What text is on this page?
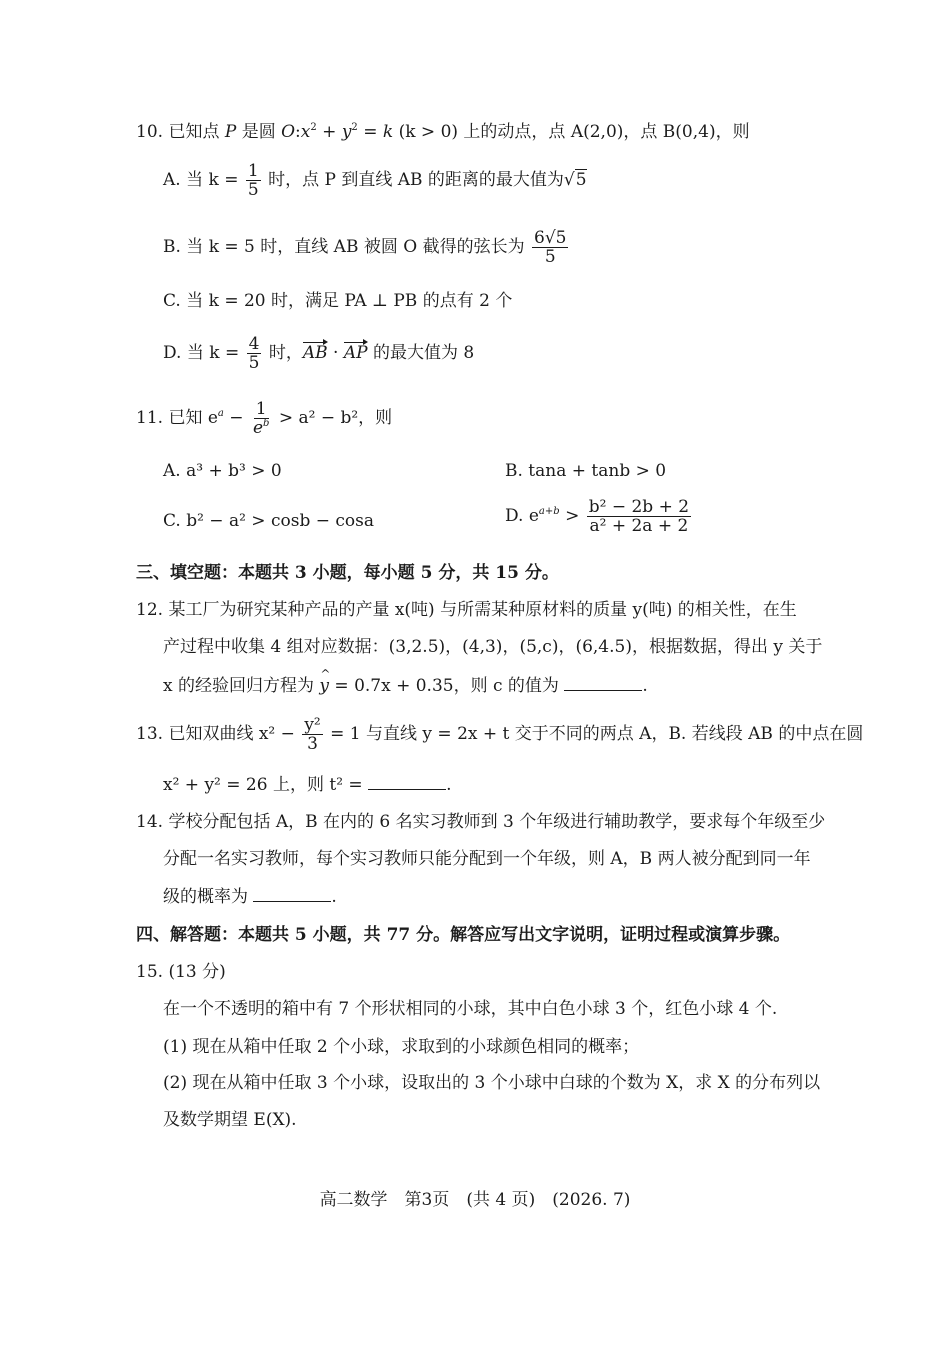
10. 已知点 P 是圆 $O:x^2 + y^2 = k$ (k > 0) 上的动点，点 A(2,0)，点 B(0,4)，则
A. 当 $k = \frac{1}{5}$ 时，点 P 到直线 AB 的距离的最大值为√5
B. 当 k = 5 时，直线 AB 被圆 O 截得的弦长为 $\frac{6√5}{5}$
C. 当 k = 20 时，满足 PA ⊥ PB 的点有 2 个
D. 当 $k = \frac{4}{5}$ 时，AB · AP 的最大值为 8
11. 已知 $e^a - \frac{1}{e^b} > a^2 - b^2$，则
A. a³ + b³ > 0	B. tana + tanb > 0
C. b² − a² > cosb − cosa	D. $e^{a+b} > \frac{\text{b² − 2b + 2}}{\text{a² + 2a + 2}}$
三、填空题：本题共 3 小题，每小题 5 分，共 15 分。
12. 某工厂为研究某种产品的产量 x(吨) 与所需某种原材料的质量 y(吨) 的相关性，在生
产过程中收集 4 组对应数据：(3,2.5)，(4,3)，(5,c)，(6,4.5)，根据数据，得出 y 关于
x 的经验回归方程为 ^ y = 0.7x + 0.35，则 c 的值为	.
13. 已知双曲线 $x^2 - \frac{\text{y²}}{3} = 1$ 与直线 y = 2x + t 交于不同的两点 A，B. 若线段 AB 的中点在圆
x² + y² = 26 上，则 t² =	.
14. 学校分配包括 A，B 在内的 6 名实习教师到 3 个年级进行辅助教学，要求每个年级至少
分配一名实习教师，每个实习教师只能分配到一个年级，则 A，B 两人被分配到同一年
级的概率为	.
四、解答题：本题共 5 小题，共 77 分。解答应写出文字说明，证明过程或演算步骤。
15. (13 分)
在一个不透明的箱中有 7 个形状相同的小球，其中白色小球 3 个，红色小球 4 个.
(1) 现在从箱中任取 2 个小球，求取到的小球颜色相同的概率；
(2) 现在从箱中任取 3 个小球，设取出的 3 个小球中白球的个数为 X，求 X 的分布列以
及数学期望 E(X).
高二数学　第3页　(共 4 页)　(2026. 7)
